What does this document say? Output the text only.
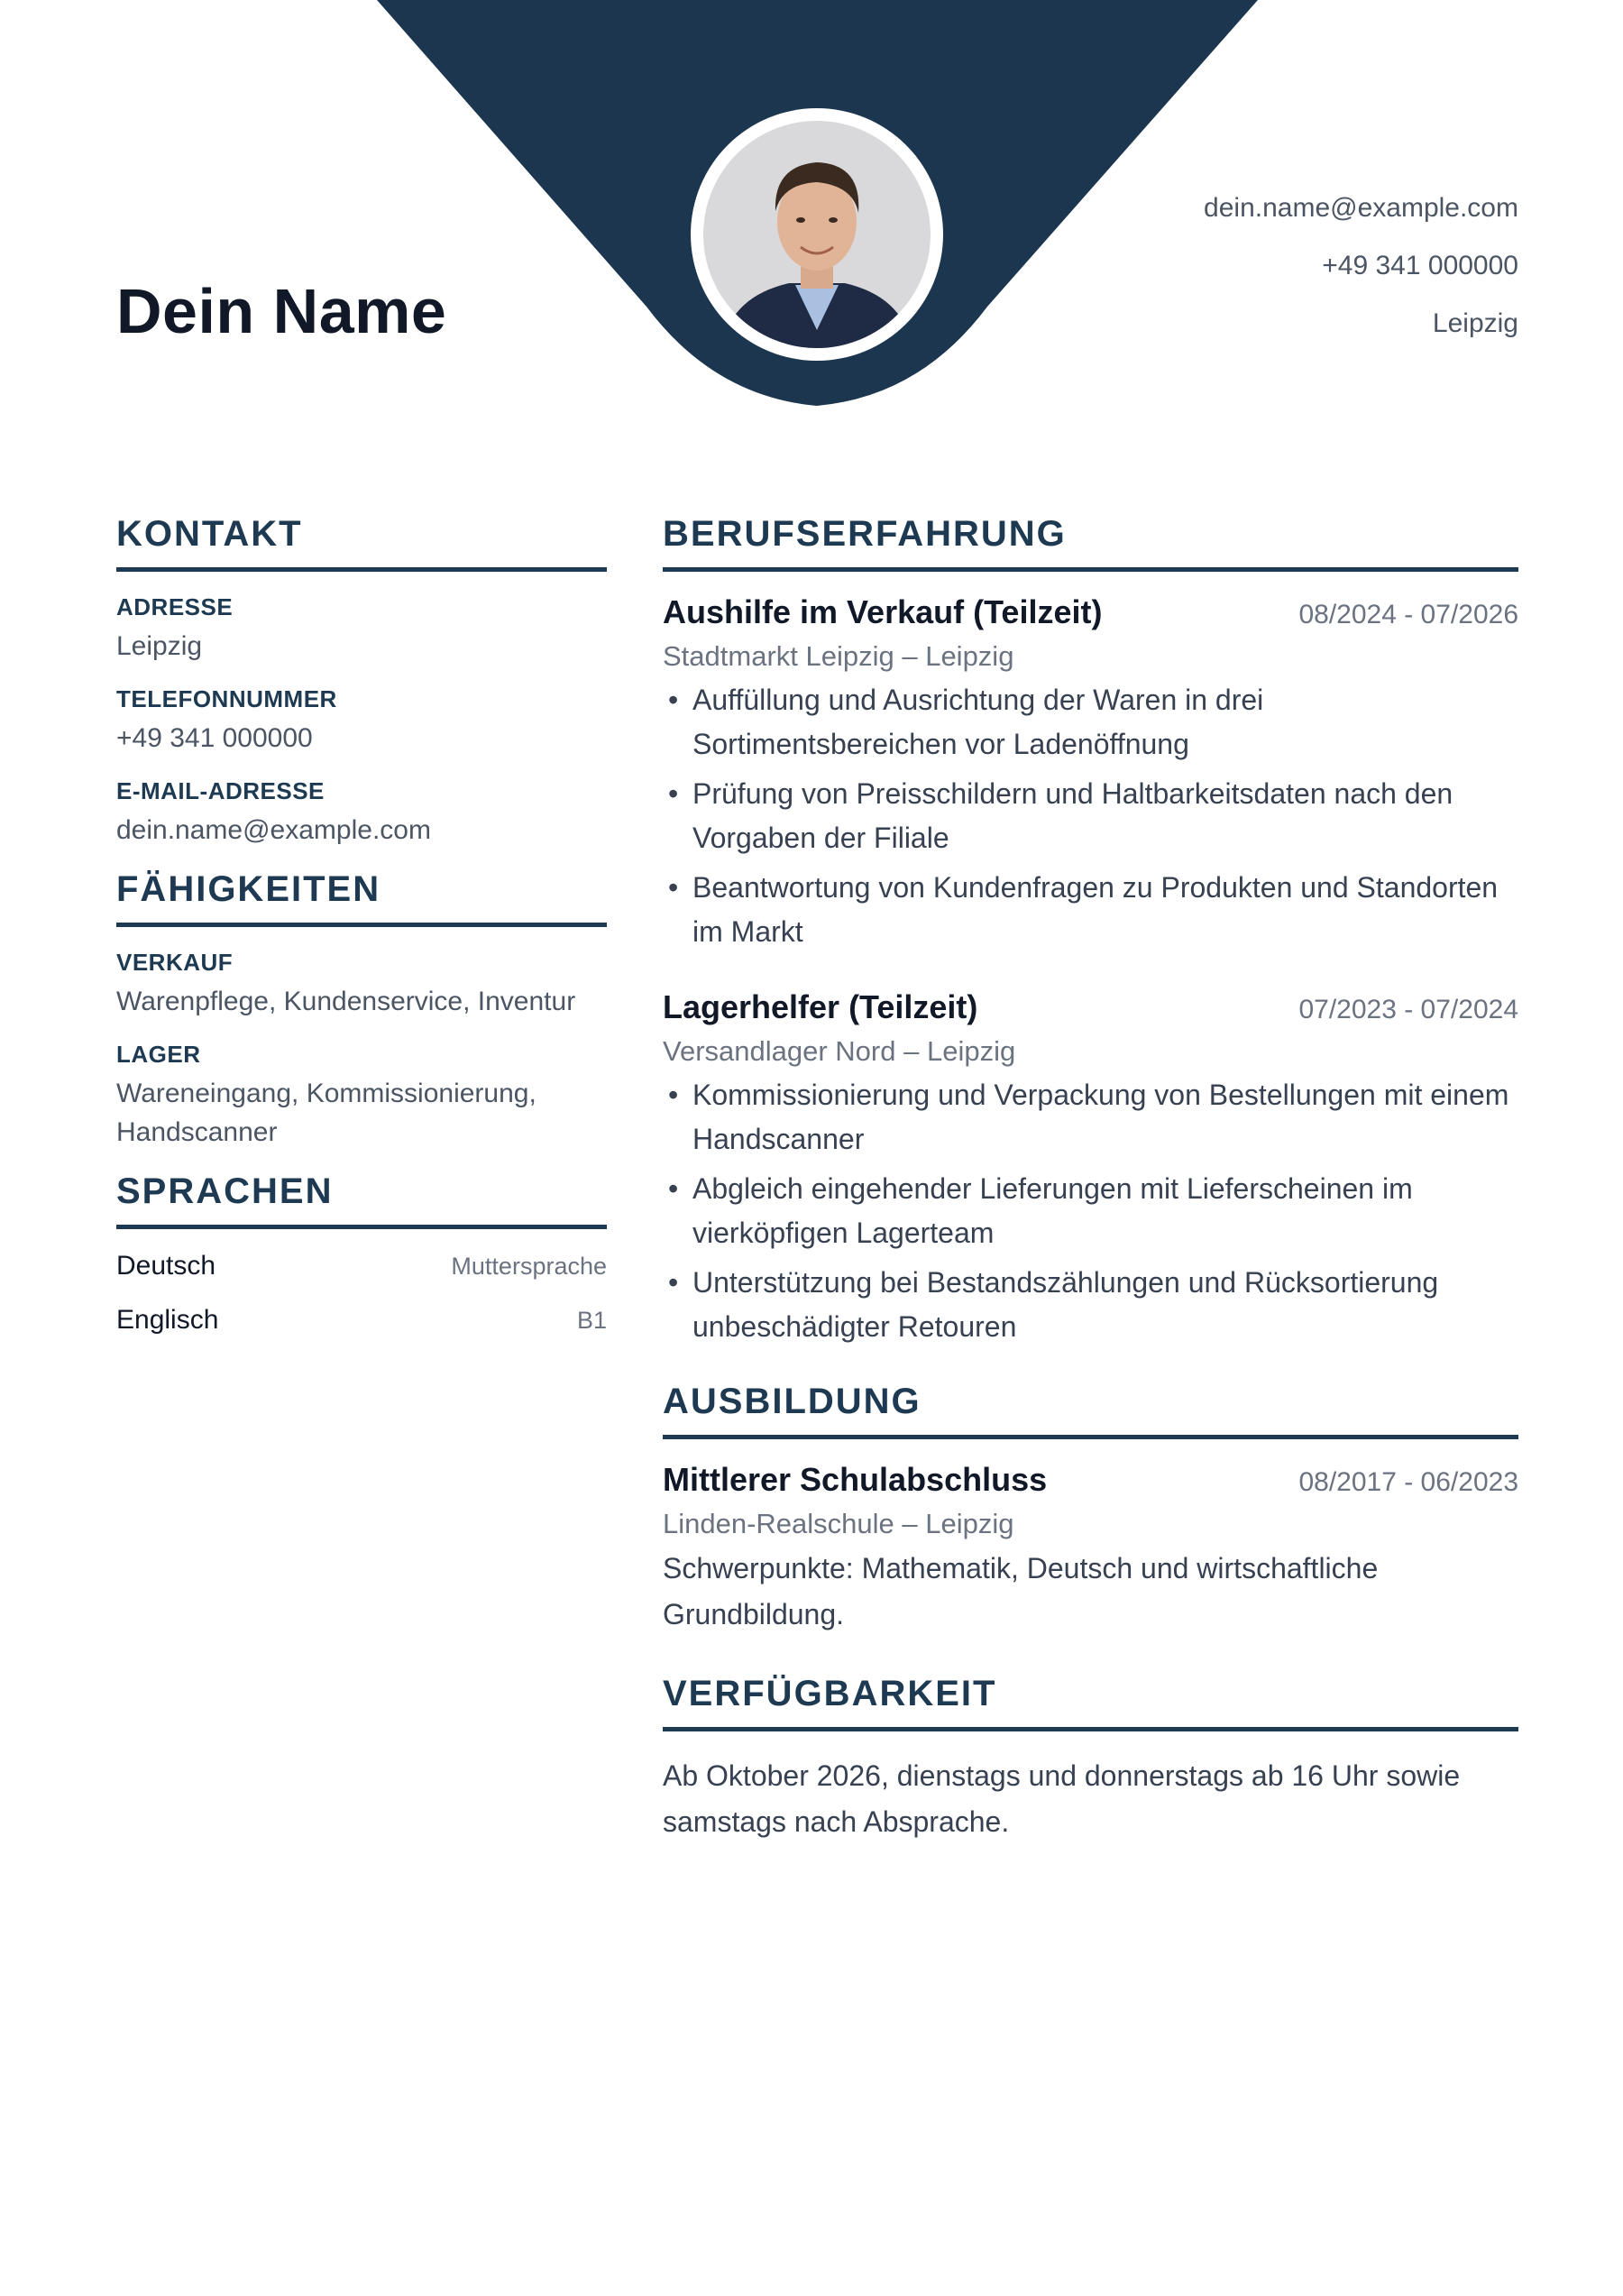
Dein Name
dein.name@example.com
+49 341 000000
Leipzig
KONTAKT
ADRESSE
Leipzig
TELEFONNUMMER
+49 341 000000
E-MAIL-ADRESSE
dein.name@example.com
FÄHIGKEITEN
VERKAUF
Warenpflege, Kundenservice, Inventur
LAGER
Wareneingang, Kommissionierung, Handscanner
SPRACHEN
Deutsch	Muttersprache
Englisch	B1
BERUFSERFAHRUNG
Aushilfe im Verkauf (Teilzeit)	08/2024 - 07/2026
Stadtmarkt Leipzig – Leipzig
• Auffüllung und Ausrichtung der Waren in drei Sortimentsbereichen vor Ladenöffnung
• Prüfung von Preisschildern und Haltbarkeitsdaten nach den Vorgaben der Filiale
• Beantwortung von Kundenfragen zu Produkten und Standorten im Markt
Lagerhelfer (Teilzeit)	07/2023 - 07/2024
Versandlager Nord – Leipzig
• Kommissionierung und Verpackung von Bestellungen mit einem Handscanner
• Abgleich eingehender Lieferungen mit Lieferscheinen im vierköpfigen Lagerteam
• Unterstützung bei Bestandszählungen und Rücksortierung unbeschädigter Retouren
AUSBILDUNG
Mittlerer Schulabschluss	08/2017 - 06/2023
Linden-Realschule – Leipzig
Schwerpunkte: Mathematik, Deutsch und wirtschaftliche Grundbildung.
VERFÜGBARKEIT
Ab Oktober 2026, dienstags und donnerstags ab 16 Uhr sowie samstags nach Absprache.
